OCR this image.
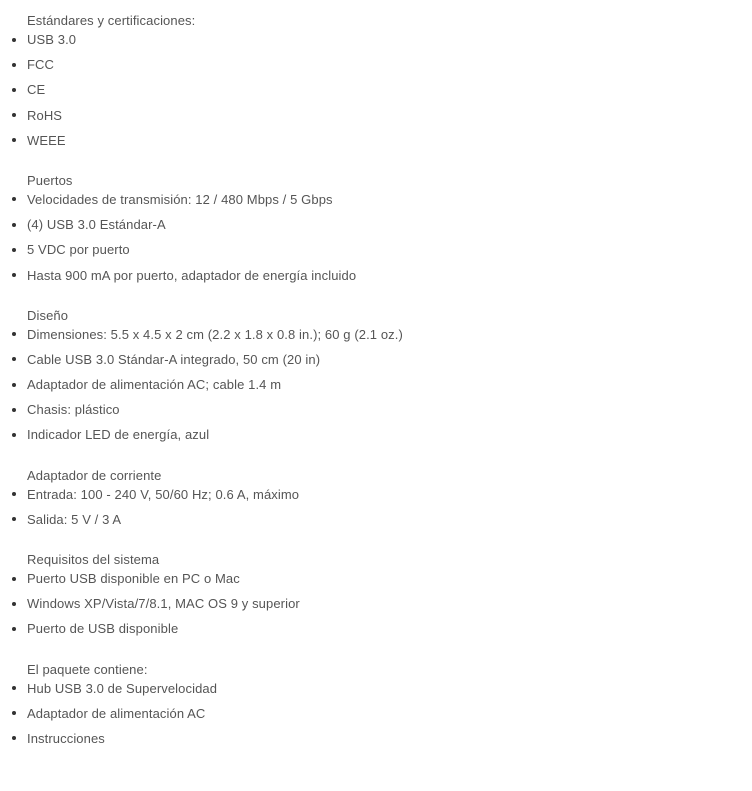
Estándares y certificaciones:
USB 3.0
FCC
CE
RoHS
WEEE
Puertos
Velocidades de transmisión: 12 / 480 Mbps / 5 Gbps
(4) USB 3.0 Estándar-A
5 VDC por puerto
Hasta 900 mA por puerto, adaptador de energía incluido
Diseño
Dimensiones: 5.5 x 4.5 x 2 cm (2.2 x 1.8 x 0.8 in.); 60 g (2.1 oz.)
Cable USB 3.0 Stándar-A integrado, 50 cm (20 in)
Adaptador de alimentación AC; cable 1.4 m
Chasis: plástico
Indicador LED de energía, azul
Adaptador de corriente
Entrada: 100 - 240 V, 50/60 Hz; 0.6 A, máximo
Salida: 5 V / 3 A
Requisitos del sistema
Puerto USB disponible en PC o Mac
Windows XP/Vista/7/8.1, MAC OS 9 y superior
Puerto de USB disponible
El paquete contiene:
Hub USB 3.0 de Supervelocidad
Adaptador de alimentación AC
Instrucciones
